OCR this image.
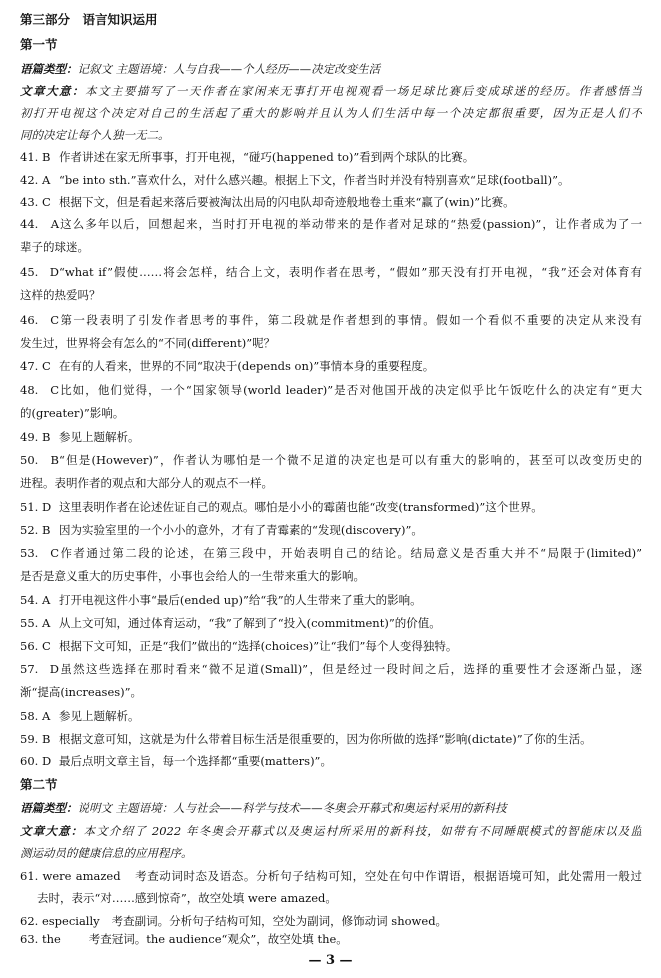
第三部分　语言知识运用
第一节
语篇类型：记叙文 主题语境：人与自我——个人经历——决定改变生活
文章大意：本文主要描写了一天作者在家闲来无事打开电视观看一场足球比赛后变成球迷的经历。作者感悟当
初打开电视这个决定对自己的生活起了重大的影响并且认为人们生活中每一个决定都很重要，因为正是人们不
同的决定让每个人独一无二。
41. B 作者讲述在家无所事事，打开电视，“碰巧(happened to)”看到两个球队的比赛。
42. A “be into sth.”喜欢什么，对什么感兴趣。根据上下文，作者当时并没有特别喜欢“足球(football)”。
43. C 根据下文，但是看起来落后要被淘汰出局的闪电队却奇迹般地卷土重来“赢了(win)”比赛。
44. A这么多年以后，回想起来，当时打开电视的举动带来的是作者对足球的“热爱(passion)”，让作者成为了一
辈子的球迷。
45. D“what if”假使……将会怎样，结合上文，表明作者在思考，“假如”那天没有打开电视，“我”还会对体育有
这样的热爱吗？
46. C第一段表明了引发作者思考的事件，第二段就是作者想到的事情。假如一个看似不重要的决定从来没有
发生过，世界将会有怎么的“不同(different)”呢？
47. C 在有的人看来，世界的不同“取决于(depends on)”事情本身的重要程度。
48. C比如，他们觉得，一个“国家领导(world leader)”是否对他国开战的决定似乎比午饭吃什么的决定有“更大
的(greater)”影响。
49. B 参见上题解析。
50. B“但是(However)”，作者认为哪怕是一个微不足道的决定也是可以有重大的影响的，甚至可以改变历史的
进程。表明作者的观点和大部分人的观点不一样。
51. D 这里表明作者在论述佐证自己的观点。哪怕是小小的霉菌也能“改变(transformed)”这个世界。
52. B 因为实验室里的一个小小的意外，才有了青霉素的“发现(discovery)”。
53. C作者通过第二段的论述，在第三段中，开始表明自己的结论。结局意义是否重大并不“局限于(limited)”
是否是意义重大的历史事件，小事也会给人的一生带来重大的影响。
54. A 打开电视这件小事“最后(ended up)”给“我”的人生带来了重大的影响。
55. A 从上文可知，通过体育运动，“我”了解到了“投入(commitment)”的价值。
56. C 根据下文可知，正是“我们”做出的“选择(choices)”让“我们”每个人变得独特。
57. D虽然这些选择在那时看来“微不足道(Small)”，但是经过一段时间之后，选择的重要性才会逐渐凸显，逐
渐“提高(increases)”。
58. A 参见上题解析。
59. B 根据文意可知，这就是为什么带着目标生活是很重要的，因为你所做的选择“影响(dictate)”了你的生活。
60. D 最后点明文章主旨，每一个选择都“重要(matters)”。
第二节
语篇类型：说明文 主题语境：人与社会——科学与技术——冬奥会开幕式和奥运村采用的新科技
文章大意：本文介绍了 2022 年冬奥会开幕式以及奥运村所采用的新科技，如带有不同睡眠模式的智能床以及监
测运动员的健康信息的应用程序。
61. were amazed 考查动词时态及语态。分析句子结构可知，空处在句中作谓语，根据语境可知，此处需用一般过
去时，表示“对……感到惊奇”，故空处填 were amazed。
62. especially 考查副词。分析句子结构可知，空处为副词，修饰动词 showed。
63. the 考查冠词。the audience“观众”，故空处填 the。
— 3 —
